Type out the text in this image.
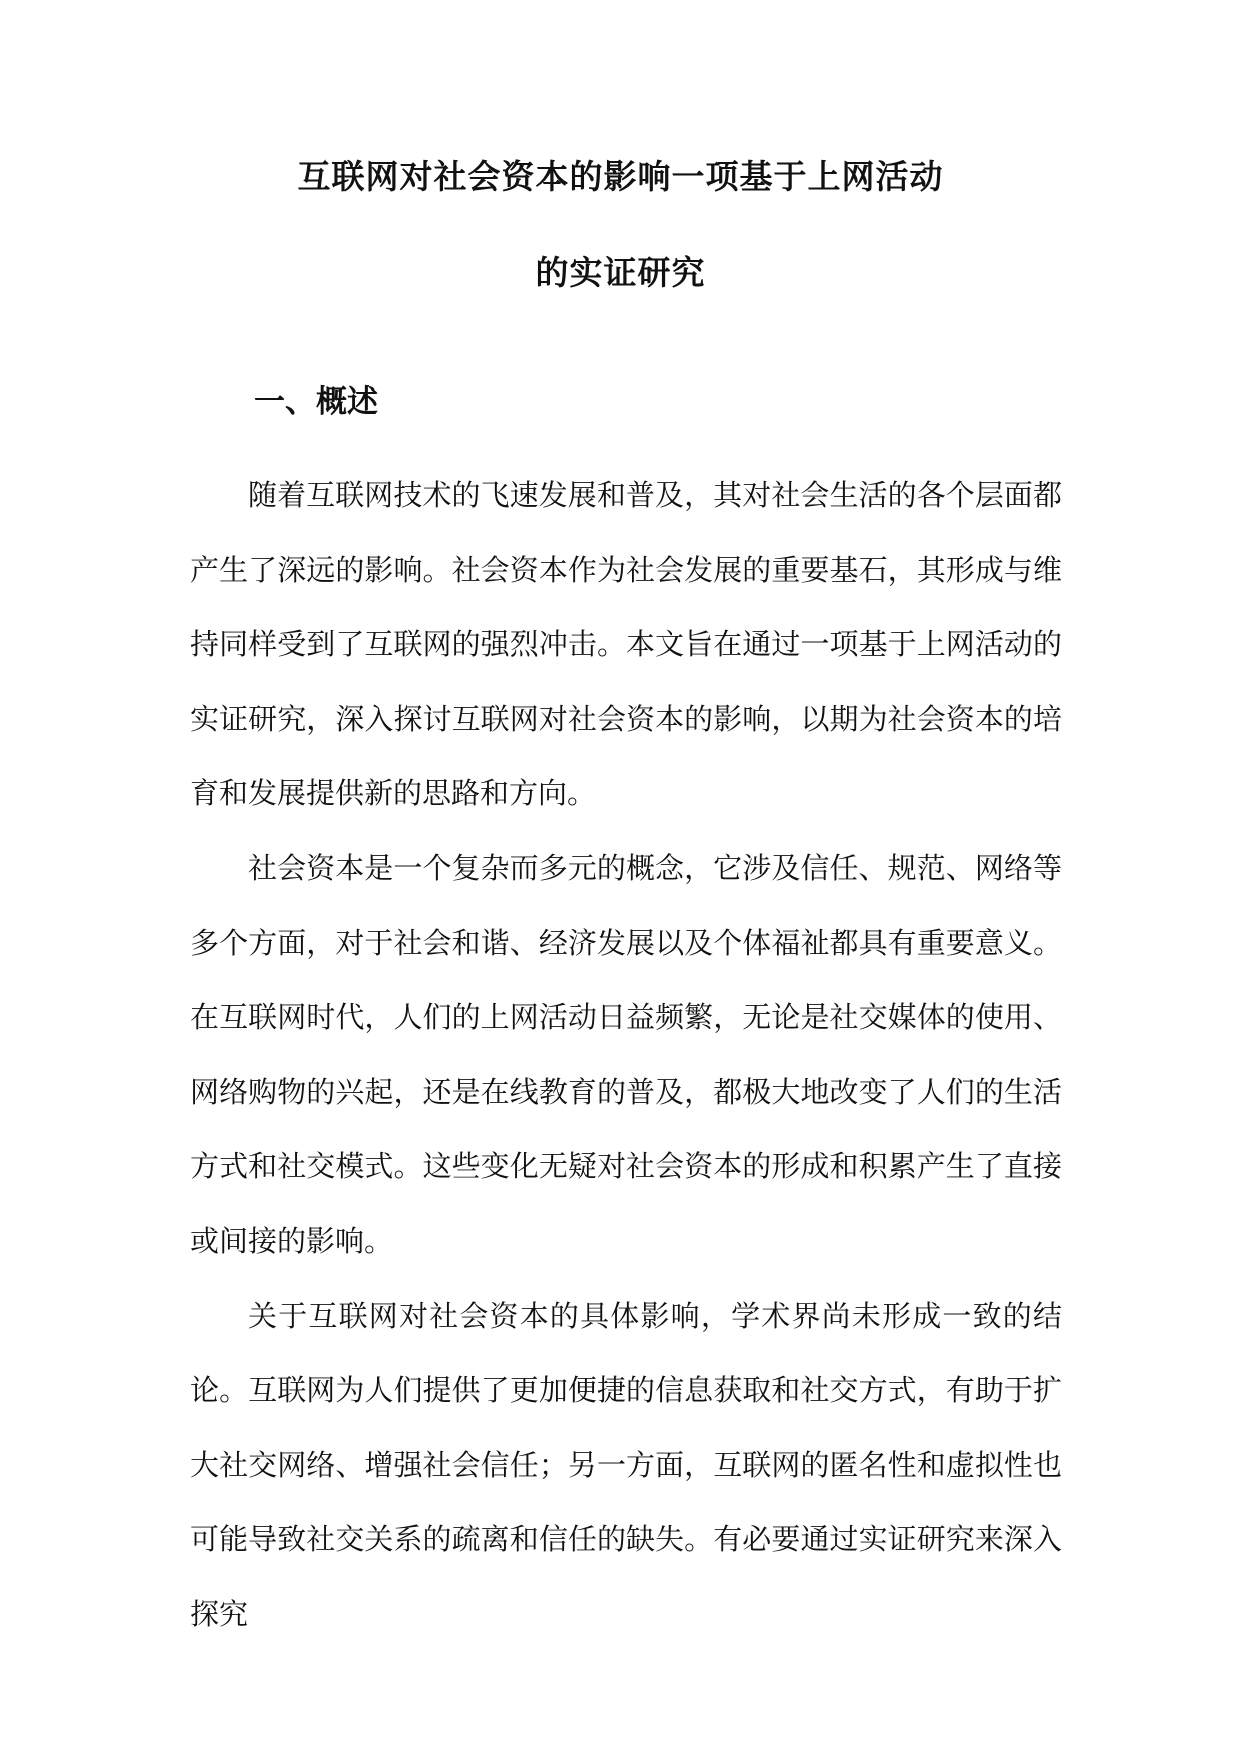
互联网对社会资本的影响一项基于上网活动
的实证研究
一、概述

随着互联网技术的飞速发展和普及，其对社会生活的各个层面都产生了深远的影响。社会资本作为社会发展的重要基石，其形成与维持同样受到了互联网的强烈冲击。本文旨在通过一项基于上网活动的实证研究，深入探讨互联网对社会资本的影响，以期为社会资本的培育和发展提供新的思路和方向。

社会资本是一个复杂而多元的概念，它涉及信任、规范、网络等多个方面，对于社会和谐、经济发展以及个体福祉都具有重要意义。在互联网时代，人们的上网活动日益频繁，无论是社交媒体的使用、网络购物的兴起，还是在线教育的普及，都极大地改变了人们的生活方式和社交模式。这些变化无疑对社会资本的形成和积累产生了直接或间接的影响。

关于互联网对社会资本的具体影响，学术界尚未形成一致的结论。互联网为人们提供了更加便捷的信息获取和社交方式，有助于扩大社交网络、增强社会信任；另一方面，互联网的匿名性和虚拟性也可能导致社交关系的疏离和信任的缺失。有必要通过实证研究来深入探究
